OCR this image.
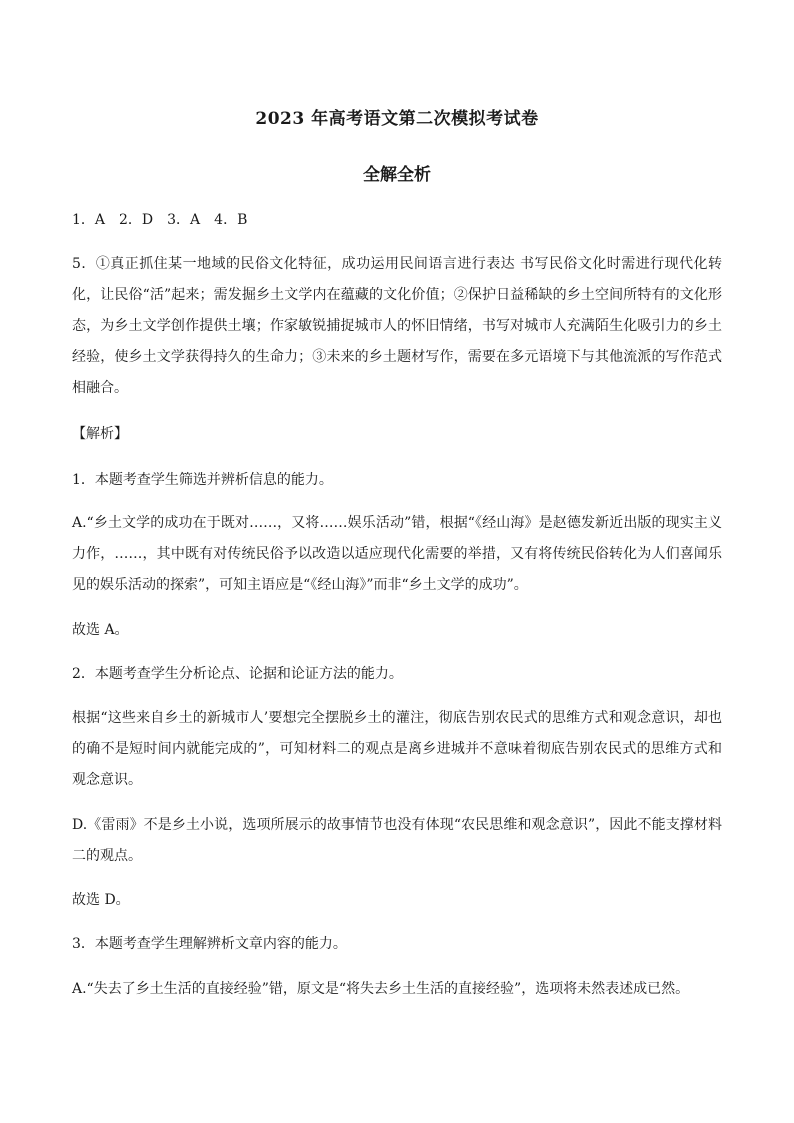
2023 年高考语文第二次模拟考试卷
全解全析
1．A　2．D　3．A　4．B
5．①真正抓住某一地域的民俗文化特征，成功运用民间语言进行表达 书写民俗文化时需进行现代化转化，让民俗“活”起来；需发掘乡土文学内在蕴藏的文化价值；②保护日益稀缺的乡土空间所特有的文化形态，为乡土文学创作提供土壤；作家敏锐捕捉城市人的怀旧情绪，书写对城市人充满陌生化吸引力的乡土经验，使乡土文学获得持久的生命力；③未来的乡土题材写作，需要在多元语境下与其他流派的写作范式相融合。
【解析】
1．本题考查学生筛选并辨析信息的能力。
A.“乡土文学的成功在于既对……，又将……娱乐活动”错，根据“《经山海》是赵德发新近出版的现实主义力作，……，其中既有对传统民俗予以改造以适应现代化需要的举措，又有将传统民俗转化为人们喜闻乐见的娱乐活动的探索”，可知主语应是“《经山海》”而非“乡土文学的成功”。
故选 A。
2．本题考查学生分析论点、论据和论证方法的能力。
根据“这些来自乡土的新城市人’要想完全摆脱乡土的灌注，彻底告别农民式的思维方式和观念意识，却也的确不是短时间内就能完成的”，可知材料二的观点是离乡进城并不意味着彻底告别农民式的思维方式和观念意识。
D.《雷雨》不是乡土小说，选项所展示的故事情节也没有体现“农民思维和观念意识”，因此不能支撑材料二的观点。
故选 D。
3．本题考查学生理解辨析文章内容的能力。
A.“失去了乡土生活的直接经验”错，原文是“将失去乡土生活的直接经验”，选项将未然表述成已然。
